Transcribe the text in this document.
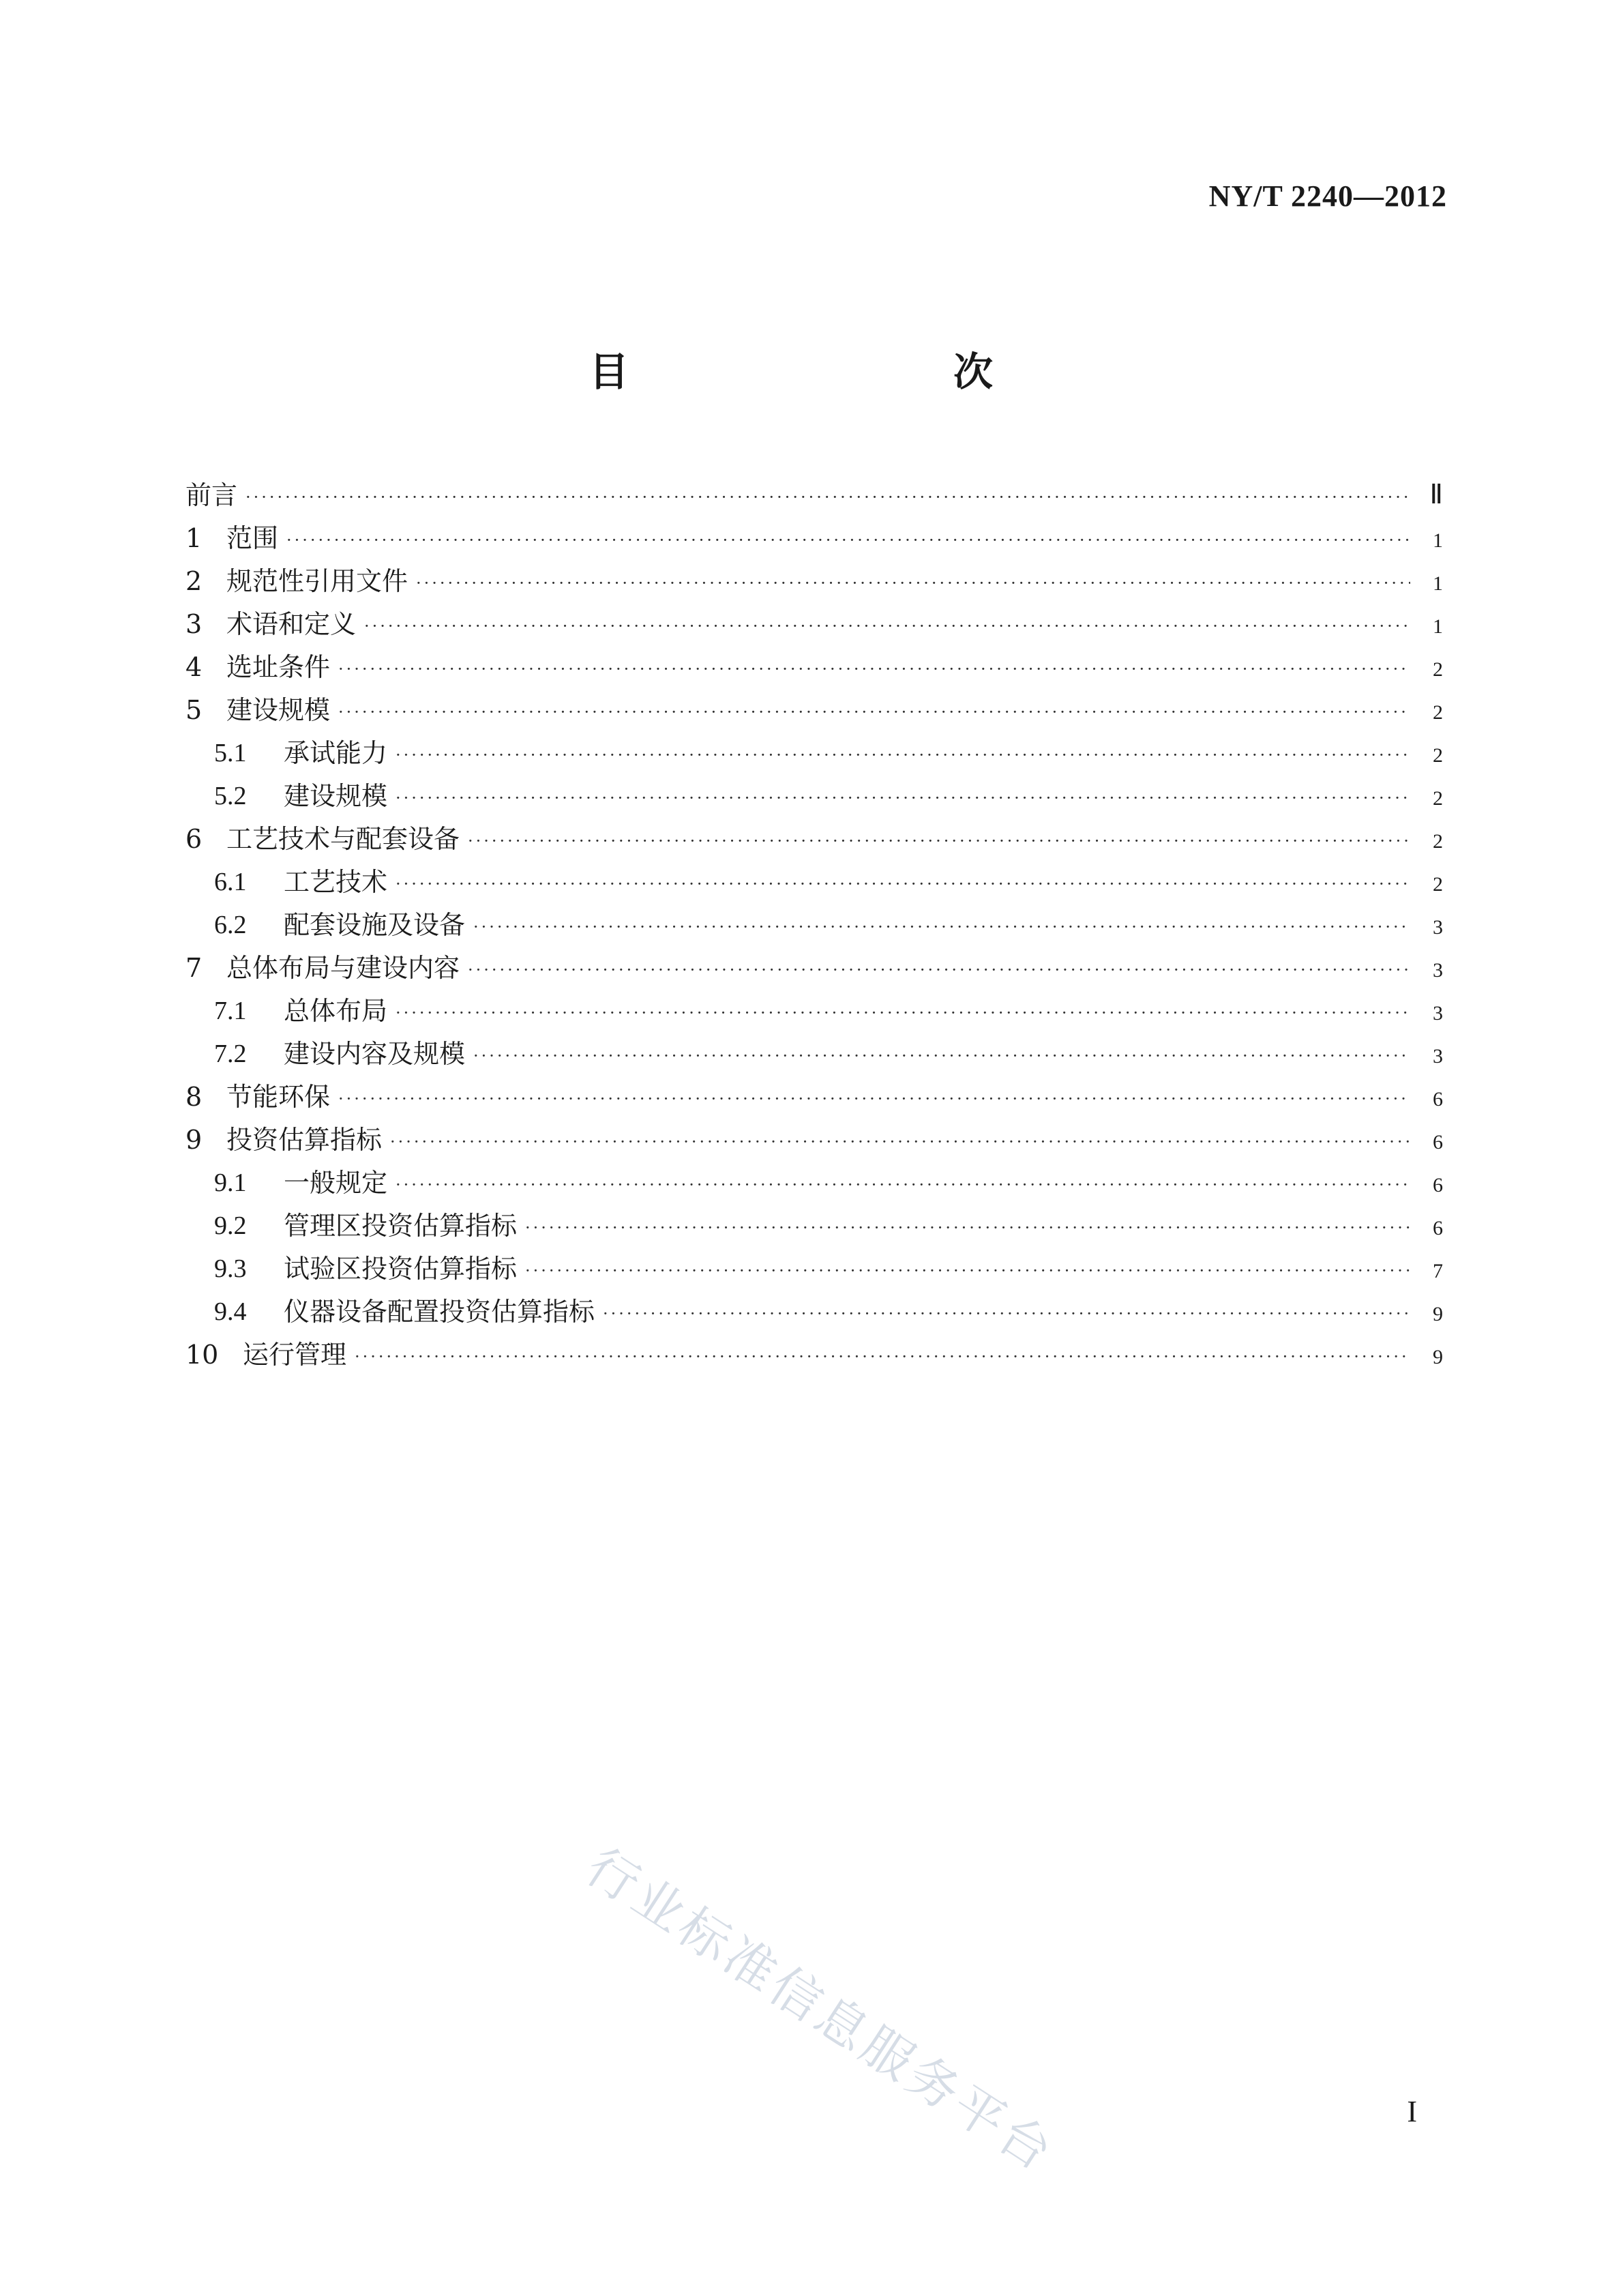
NY/T 2240—2012
目　　次
前言 ·····	Ⅱ
1 范围 ·····	1
2 规范性引用文件 ·····	1
3 术语和定义 ·····	1
4 选址条件 ·····	2
5 建设规模 ·····	2
5.1	承试能力 ·····	2
5.2	建设规模 ·····	2
6 工艺技术与配套设备 ·····	2
6.1	工艺技术 ·····	2
6.2	配套设施及设备 ·····	3
7 总体布局与建设内容 ·····	3
7.1	总体布局 ·····	3
7.2	建设内容及规模 ·····	3
8 节能环保 ·····	6
9 投资估算指标 ·····	6
9.1	一般规定 ·····	6
9.2	管理区投资估算指标 ·····	6
9.3	试验区投资估算指标 ·····	7
9.4	仪器设备配置投资估算指标 ·····	9
10 运行管理 ·····	9
行业标准信息服务平台	I
